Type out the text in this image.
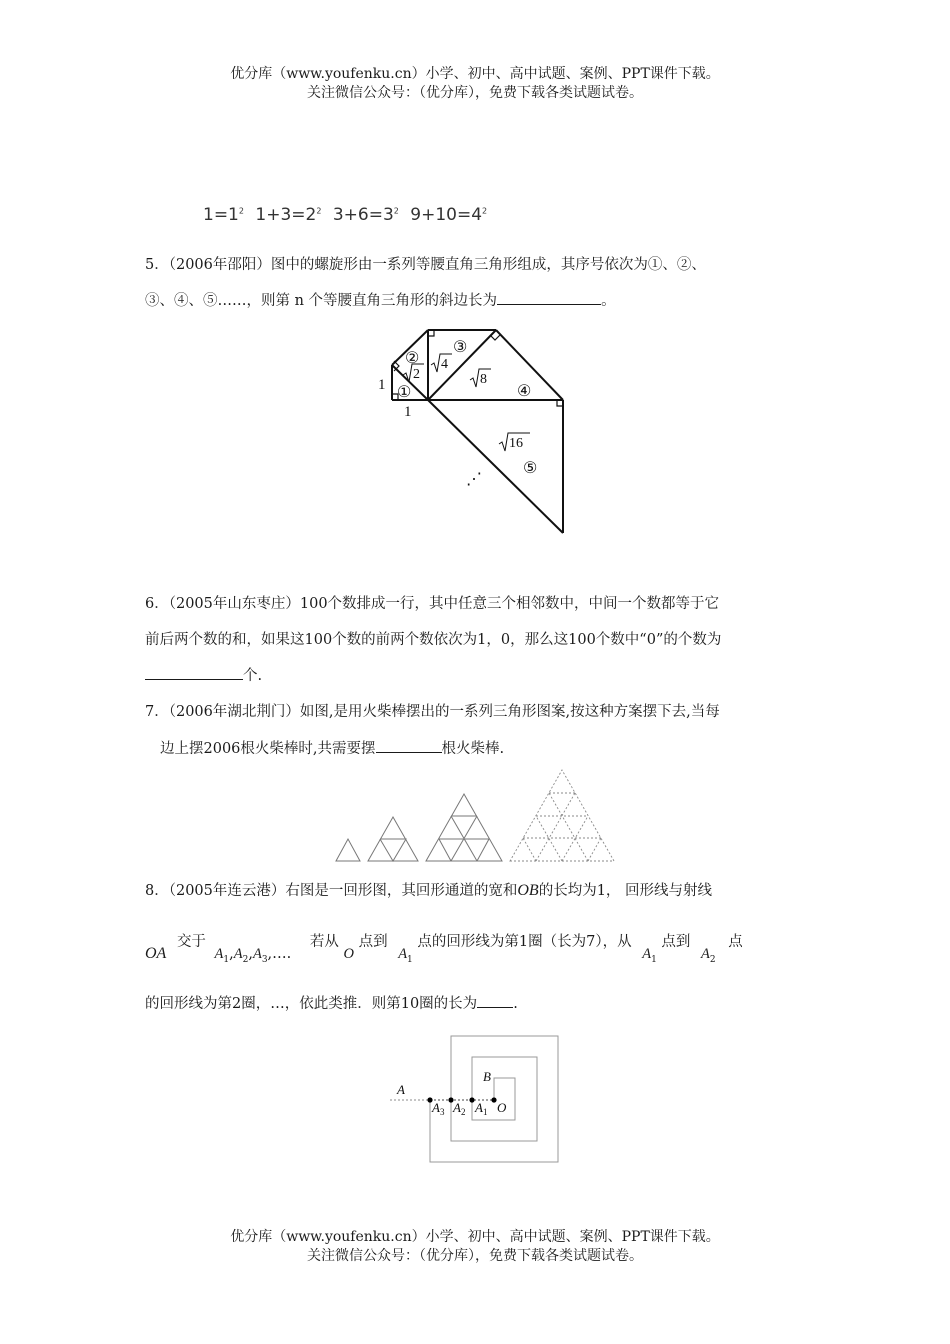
优分库（www.youfenku.cn）小学、初中、高中试题、案例、PPT课件下载。
关注微信公众号：（优分库），免费下载各类试题试卷。
$1=1^2$ $1+3=2^2$ $3+6=3^2$ $9+10=4^2$
5．（2006年邵阳）图中的螺旋形由一系列等腰直角三角形组成，其序号依次为①、②、
③、④、⑤……，则第 n 个等腰直角三角形的斜边长为	。
1
1
①
②
③
④
⑤
2
4
8
16
⋰
6．（2005年山东枣庄）100个数排成一行，其中任意三个相邻数中，中间一个数都等于它
前后两个数的和，如果这100个数的前两个数依次为1，0，那么这100个数中“0”的个数为
个.
7．（2006年湖北荆门）如图,是用火柴棒摆出的一系列三角形图案,按这种方案摆下去,当每
边上摆2006根火柴棒时,共需要摆	根火柴棒.
8．（2005年连云港）右图是一回形图，其回形通道的宽和OB的长均为1， 回形线与射线
OA 交于 $A_1,A_2,A_3,\dots$. 若从 O 点到 $A_1$ 点的回形线为第1圈（长为7），从 $A_1$ 点到 $A_2$ 点
的回形线为第2圈，…，依此类推．则第10圈的长为 .
A
B
O
$A_3$ $A_2$ $A_1$
优分库（www.youfenku.cn）小学、初中、高中试题、案例、PPT课件下载。
关注微信公众号：（优分库），免费下载各类试题试卷。
